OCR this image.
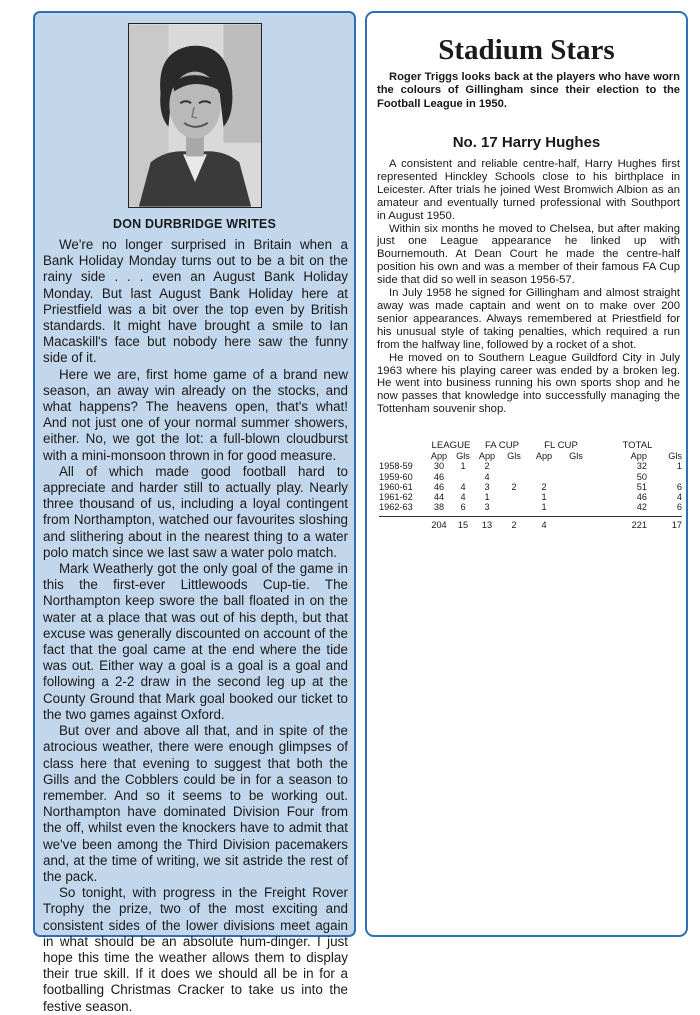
DON DURBRIDGE WRITES

We're no longer surprised in Britain when a Bank Holiday Monday turns out to be a bit on the rainy side . . . even an August Bank Holiday Monday. But last August Bank Holiday here at Priestfield was a bit over the top even by British standards. It might have brought a smile to Ian Macaskill's face but nobody here saw the funny side of it.

Here we are, first home game of a brand new season, an away win already on the stocks, and what happens? The heavens open, that's what! And not just one of your normal summer showers, either. No, we got the lot: a full-blown cloudburst with a mini-monsoon thrown in for good measure.

All of which made good football hard to appreciate and harder still to actually play. Nearly three thousand of us, including a loyal contingent from Northampton, watched our favourites sloshing and slithering about in the nearest thing to a water polo match since we last saw a water polo match.

Mark Weatherly got the only goal of the game in this the first-ever Littlewoods Cup-tie. The Northampton keep swore the ball floated in on the water at a place that was out of his depth, but that excuse was generally discounted on account of the fact that the goal came at the end where the tide was out. Either way a goal is a goal is a goal and following a 2-2 draw in the second leg up at the County Ground that Mark goal booked our ticket to the two games against Oxford.

But over and above all that, and in spite of the atrocious weather, there were enough glimpses of class here that evening to suggest that both the Gills and the Cobblers could be in for a season to remember. And so it seems to be working out. Northampton have dominated Division Four from the off, whilst even the knockers have to admit that we've been among the Third Division pacemakers and, at the time of writing, we sit astride the rest of the pack.

So tonight, with progress in the Freight Rover Trophy the prize, two of the most exciting and consistent sides of the lower divisions meet again in what should be an absolute hum-dinger. I just hope this time the weather allows them to display their true skill. If it does we should all be in for a footballing Christmas Cracker to take us into the festive season.

Stadium Stars

Roger Triggs looks back at the players who have worn the colours of Gillingham since their election to the Football League in 1950.

No. 17 Harry Hughes

A consistent and reliable centre-half, Harry Hughes first represented Hinckley Schools close to his birthplace in Leicester. After trials he joined West Bromwich Albion as an amateur and eventually turned professional with Southport in August 1950.

Within six months he moved to Chelsea, but after making just one League appearance he linked up with Bournemouth. At Dean Court he made the centre-half position his own and was a member of their famous FA Cup side that did so well in season 1956-57.

In July 1958 he signed for Gillingham and almost straight away was made captain and went on to make over 200 senior appearances. Always remembered at Priestfield for his unusual style of taking penalties, which required a run from the halfway line, followed by a rocket of a shot.

He moved on to Southern League Guildford City in July 1963 where his playing career was ended by a broken leg. He went into business running his own sports shop and he now passes that knowledge into successfully managing the Tottenham souvenir shop.

	LEAGUE		FA CUP		FL CUP		TOTAL	
	App	Gls	App	Gls	App	Gls	App	Gls
1958-59	30	1	2				32	1
1959-60	46		4				50	
1960-61	46	4	3	2	2		51	6
1961-62	44	4	1		1		46	4
1962-63	38	6	3		1		42	6

	204	15	13	2	4		221	17
